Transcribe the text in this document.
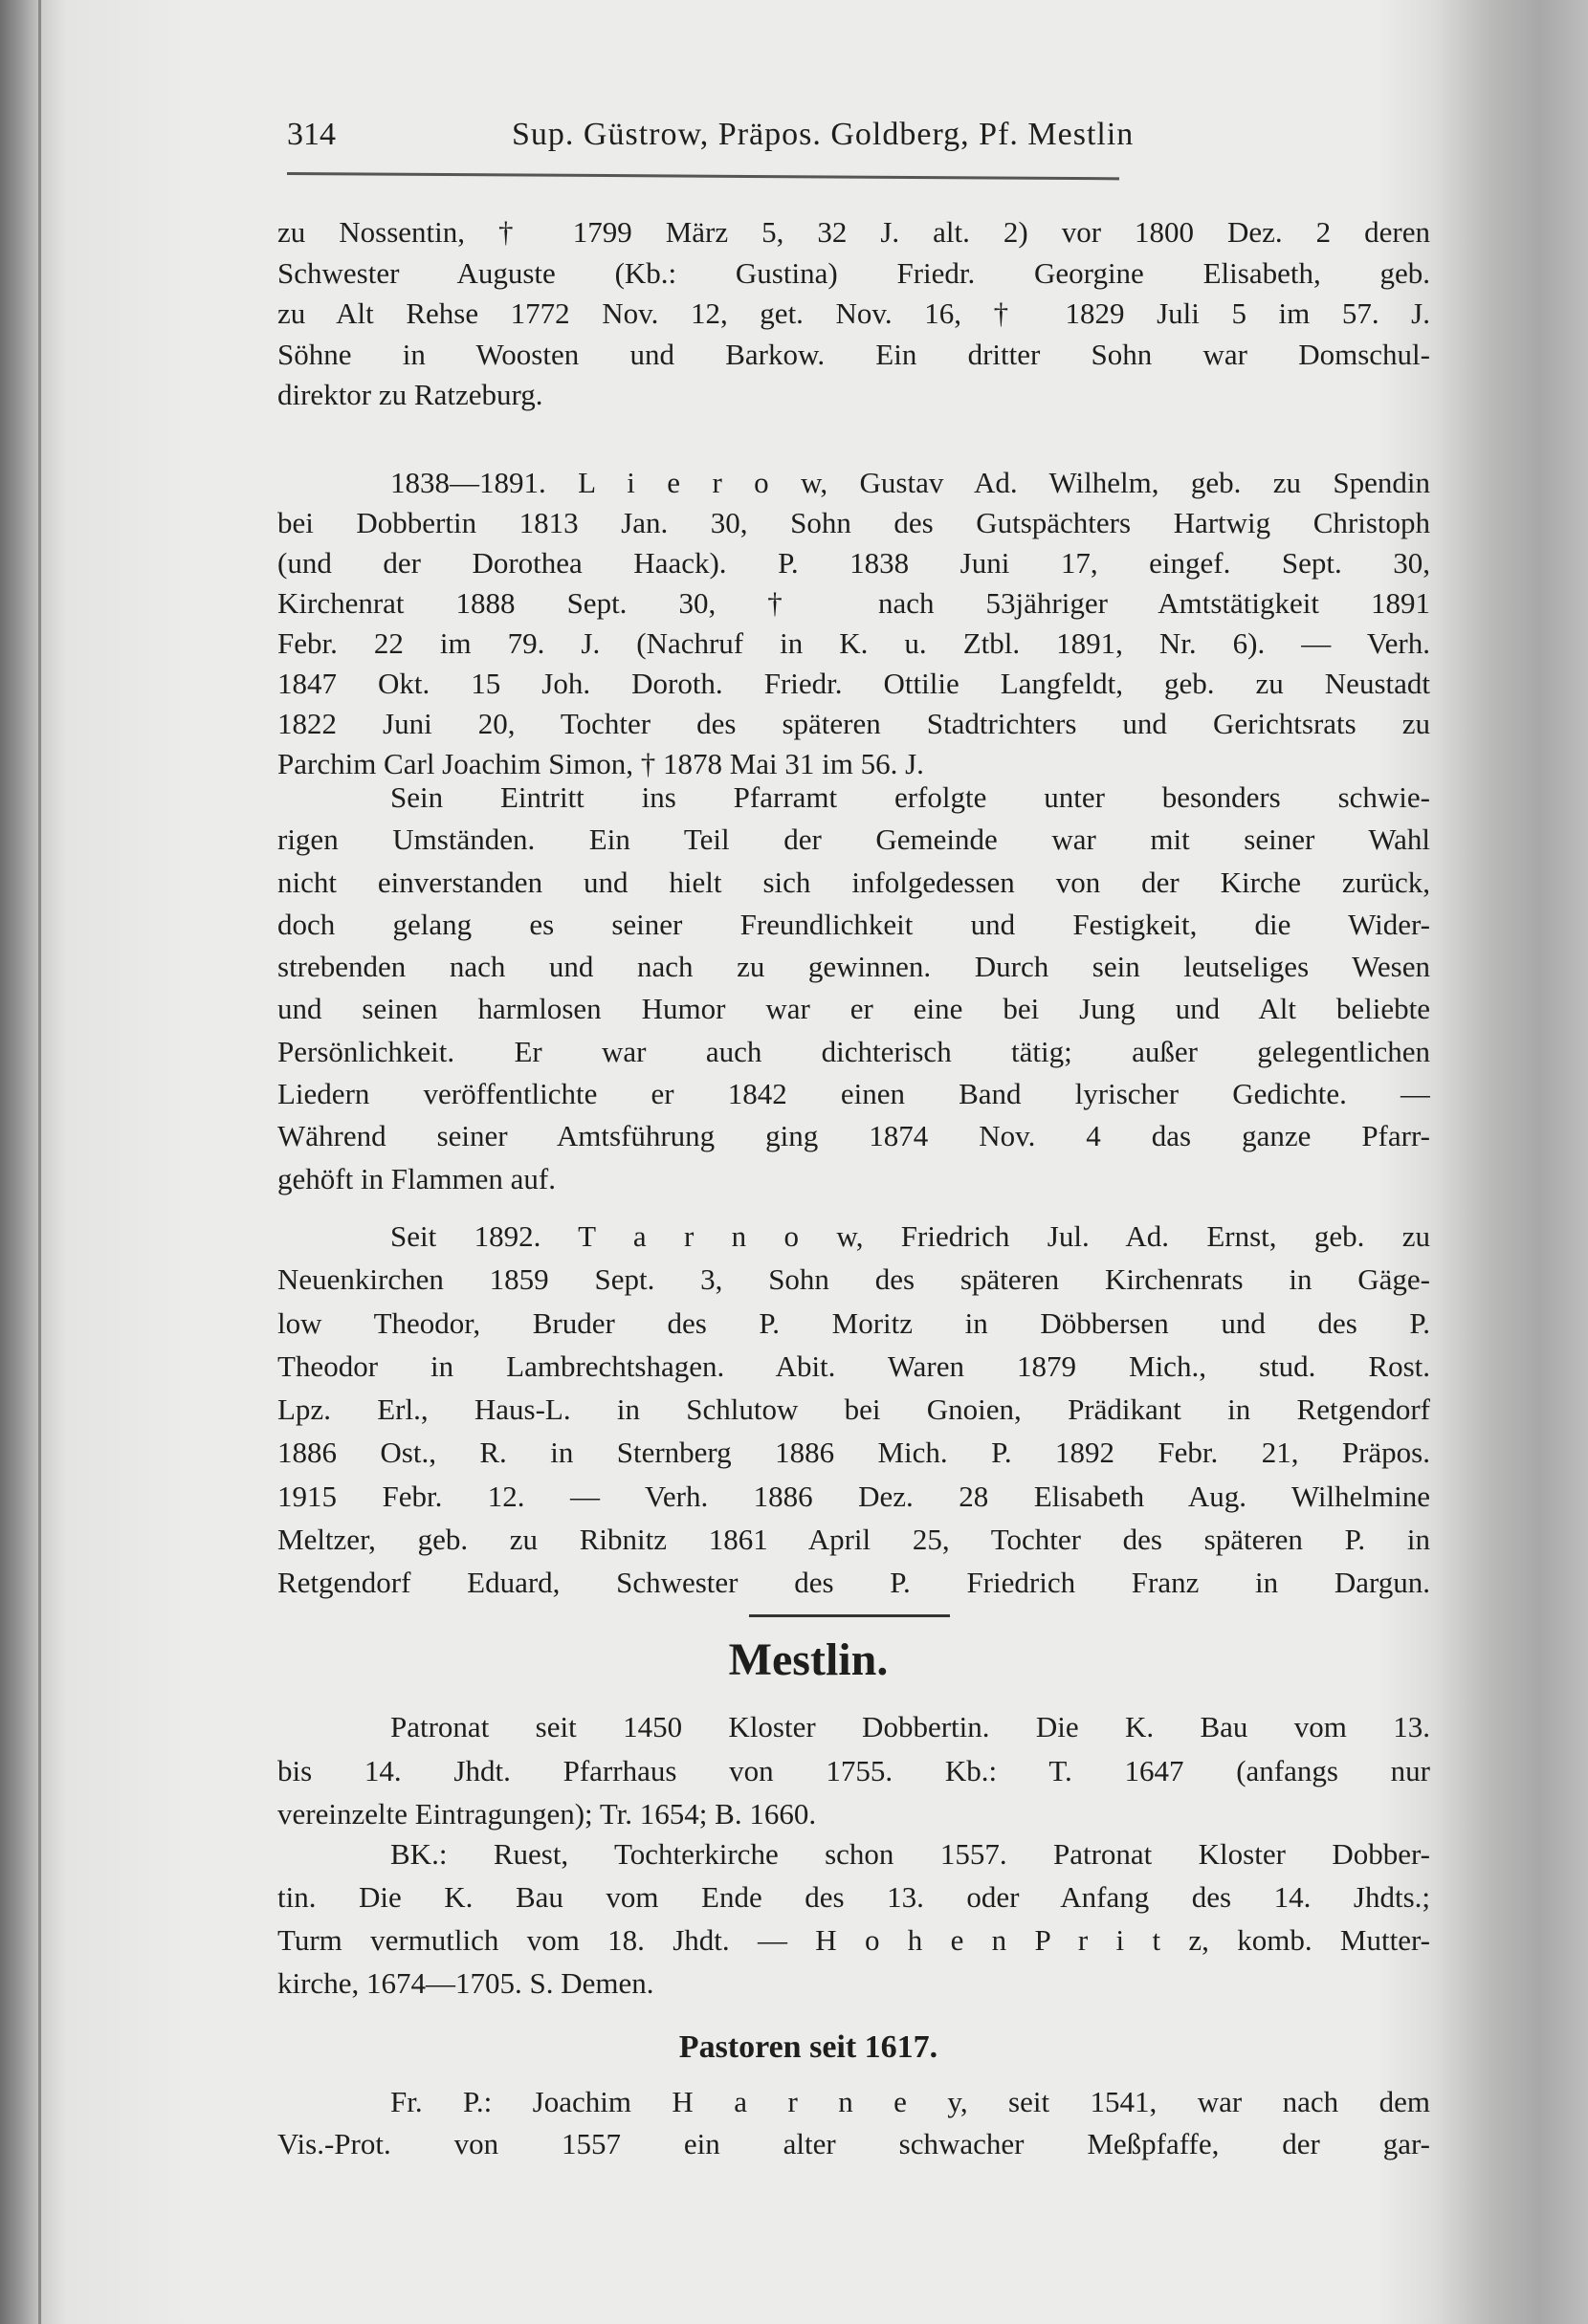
314	Sup. Güstrow, Präpos. Goldberg, Pf. Mestlin
zu Nossentin, † 1799 März 5, 32 J. alt. 2) vor 1800 Dez. 2 deren
Schwester Auguste (Kb.: Gustina) Friedr. Georgine Elisabeth, geb.
zu Alt Rehse 1772 Nov. 12, get. Nov. 16, † 1829 Juli 5 im 57. J.
Söhne in Woosten und Barkow. Ein dritter Sohn war Domschul-
direktor zu Ratzeburg.
1838—1891. L i e r o w, Gustav Ad. Wilhelm, geb. zu Spendin
bei Dobbertin 1813 Jan. 30, Sohn des Gutspächters Hartwig Christoph
(und der Dorothea Haack). P. 1838 Juni 17, eingef. Sept. 30,
Kirchenrat 1888 Sept. 30, † nach 53jähriger Amtstätigkeit 1891
Febr. 22 im 79. J. (Nachruf in K. u. Ztbl. 1891, Nr. 6). — Verh.
1847 Okt. 15 Joh. Doroth. Friedr. Ottilie Langfeldt, geb. zu Neustadt
1822 Juni 20, Tochter des späteren Stadtrichters und Gerichtsrats zu
Parchim Carl Joachim Simon, † 1878 Mai 31 im 56. J.
Sein Eintritt ins Pfarramt erfolgte unter besonders schwie-
rigen Umständen. Ein Teil der Gemeinde war mit seiner Wahl
nicht einverstanden und hielt sich infolgedessen von der Kirche zurück,
doch gelang es seiner Freundlichkeit und Festigkeit, die Wider-
strebenden nach und nach zu gewinnen. Durch sein leutseliges Wesen
und seinen harmlosen Humor war er eine bei Jung und Alt beliebte
Persönlichkeit. Er war auch dichterisch tätig; außer gelegentlichen
Liedern veröffentlichte er 1842 einen Band lyrischer Gedichte. —
Während seiner Amtsführung ging 1874 Nov. 4 das ganze Pfarr-
gehöft in Flammen auf.
Seit 1892. T a r n o w, Friedrich Jul. Ad. Ernst, geb. zu
Neuenkirchen 1859 Sept. 3, Sohn des späteren Kirchenrats in Gäge-
low Theodor, Bruder des P. Moritz in Döbbersen und des P.
Theodor in Lambrechtshagen. Abit. Waren 1879 Mich., stud. Rost.
Lpz. Erl., Haus-L. in Schlutow bei Gnoien, Prädikant in Retgendorf
1886 Ost., R. in Sternberg 1886 Mich. P. 1892 Febr. 21, Präpos.
1915 Febr. 12. — Verh. 1886 Dez. 28 Elisabeth Aug. Wilhelmine
Meltzer, geb. zu Ribnitz 1861 April 25, Tochter des späteren P. in
Retgendorf Eduard, Schwester des P. Friedrich Franz in Dargun.
Mestlin.
Patronat seit 1450 Kloster Dobbertin. Die K. Bau vom 13.
bis 14. Jhdt. Pfarrhaus von 1755. Kb.: T. 1647 (anfangs nur
vereinzelte Eintragungen); Tr. 1654; B. 1660.
BK.: Ruest, Tochterkirche schon 1557. Patronat Kloster Dobber-
tin. Die K. Bau vom Ende des 13. oder Anfang des 14. Jhdts.;
Turm vermutlich vom 18. Jhdt. — H o h e n P r i t z, komb. Mutter-
kirche, 1674—1705. S. Demen.
Pastoren seit 1617.
Fr. P.: Joachim H a r n e y, seit 1541, war nach dem
Vis.-Prot. von 1557 ein alter schwacher Meßpfaffe, der gar-
